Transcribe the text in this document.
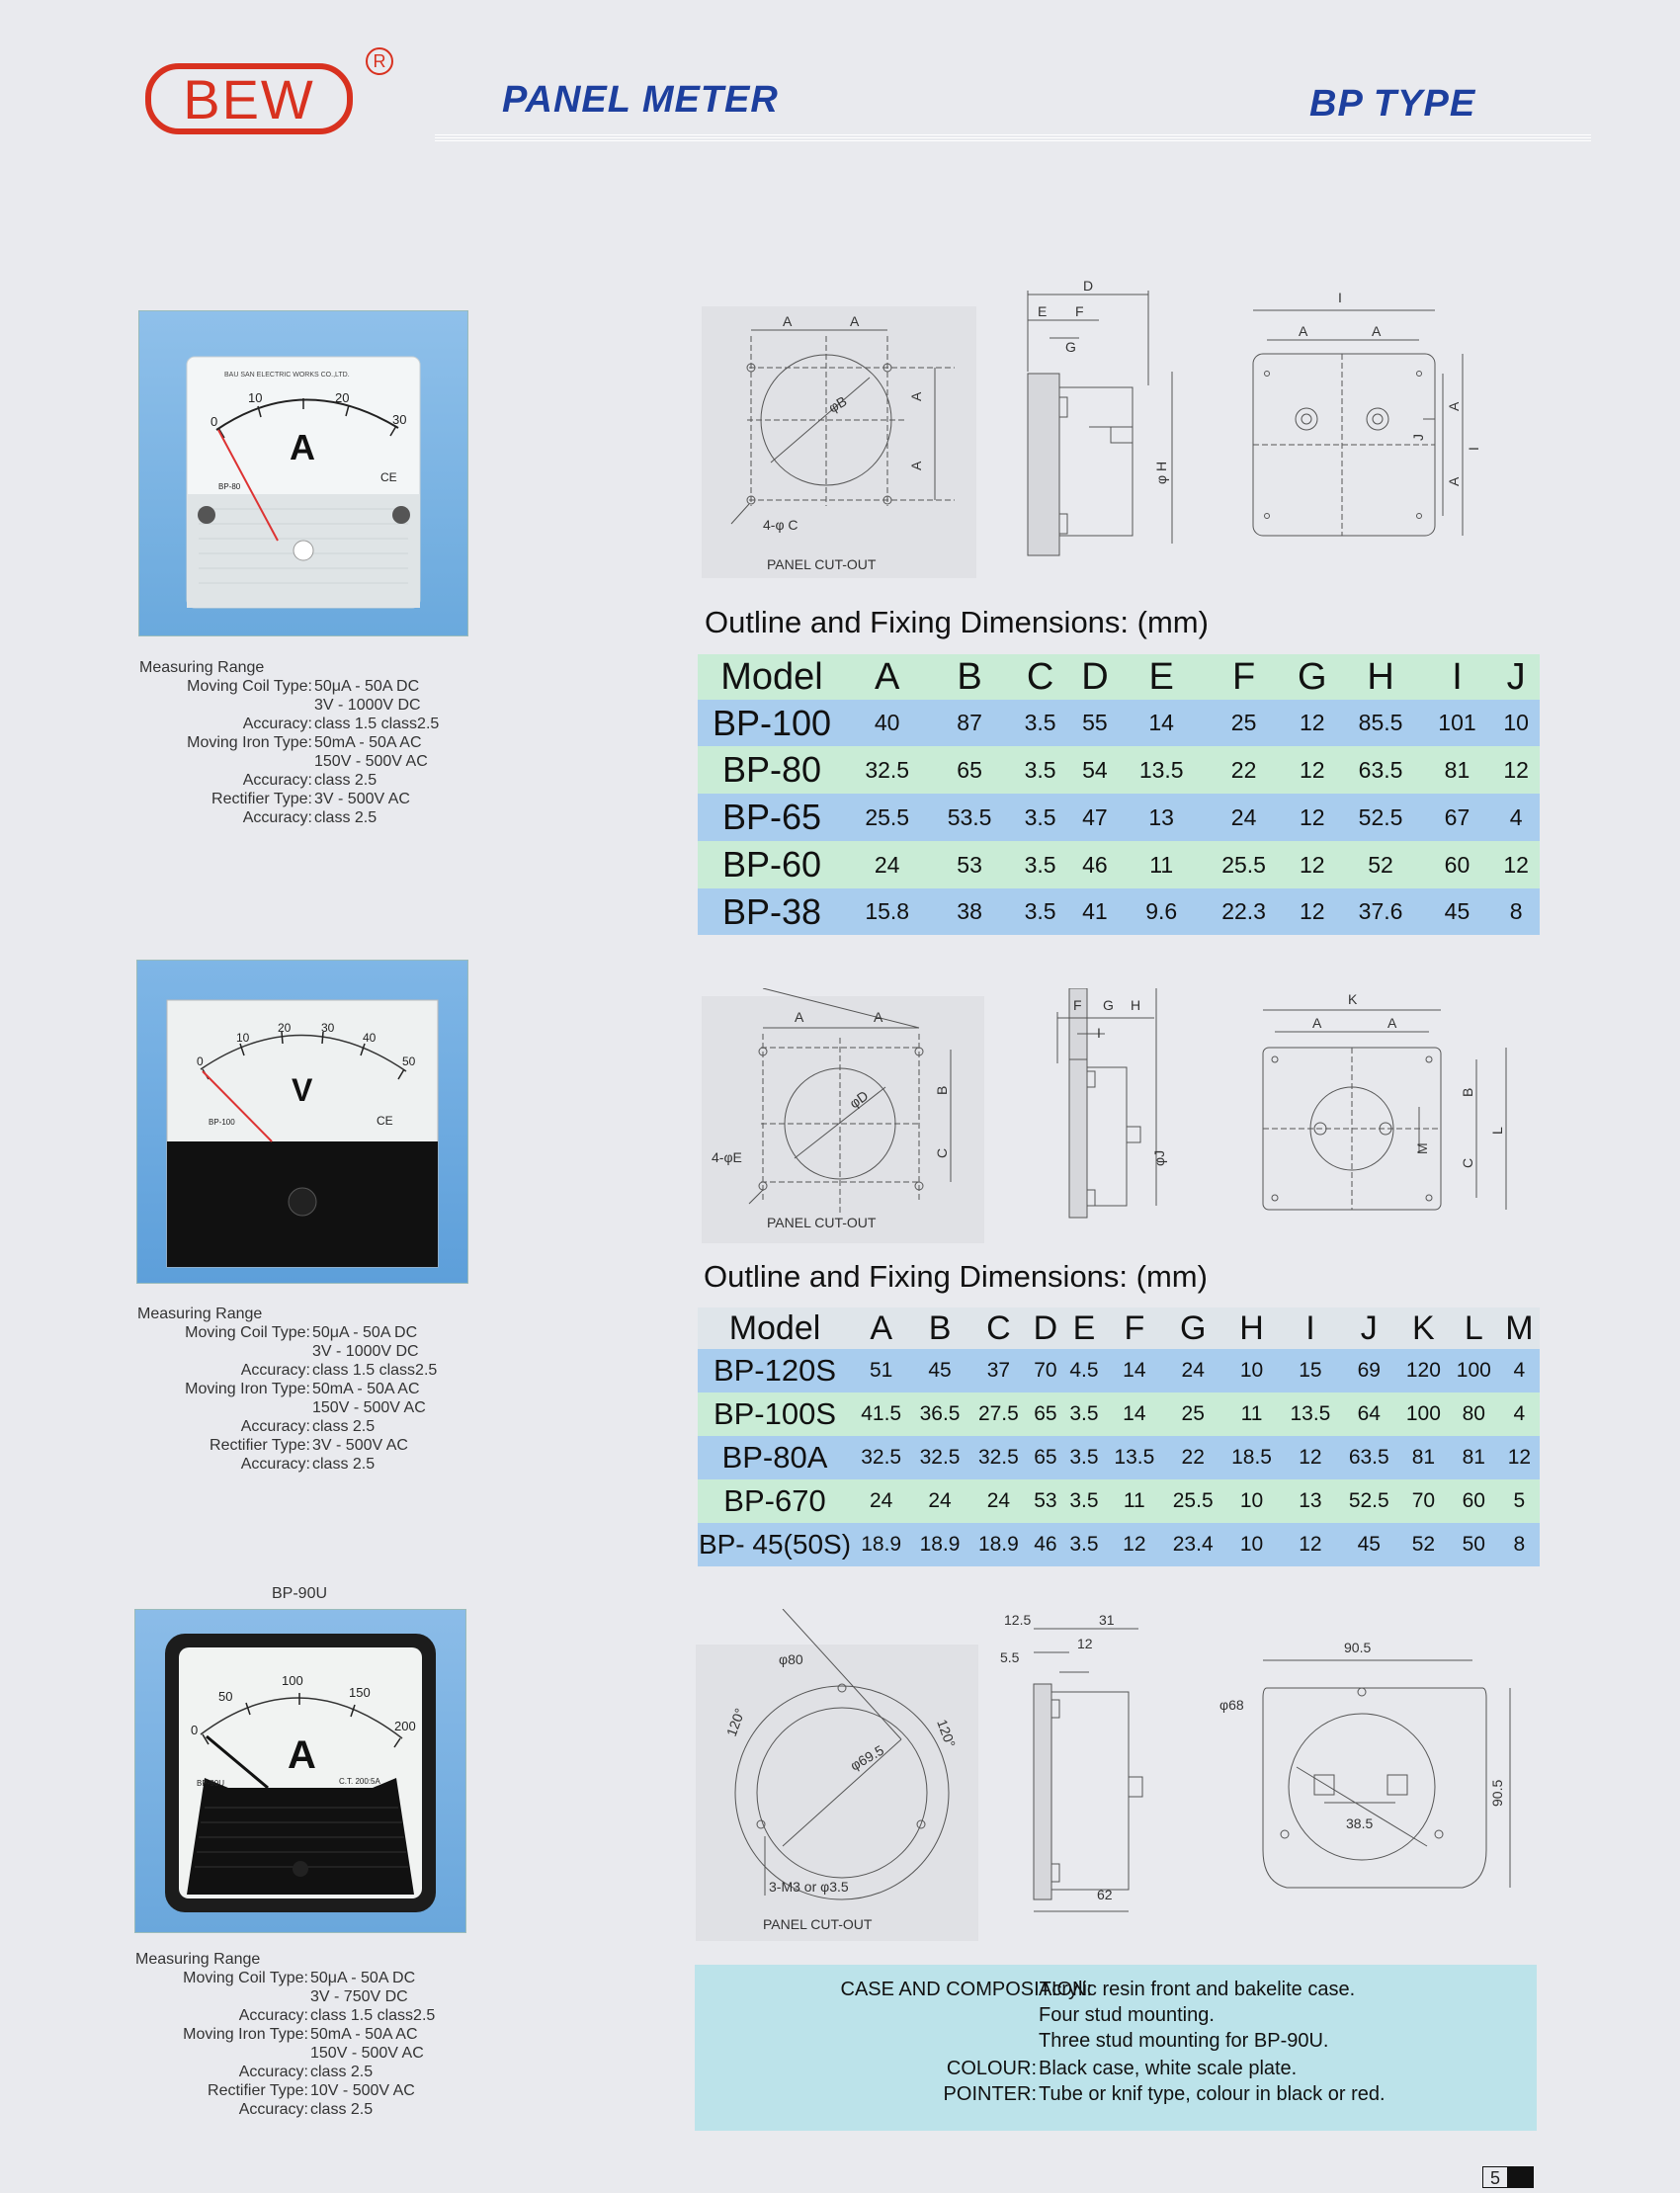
BEW
R
PANEL METER	BP TYPE
10
0
20
30
BAU SAN ELECTRIC WORKS CO.,LTD.
A
CE
BP-80
Measuring Range
Moving Coil Type: 50μA - 50A DC
3V - 1000V DC
Accuracy: class 1.5 class2.5
Moving Iron Type: 50mA - 50A AC
150V - 500V AC
Accuracy: class 2.5
Rectifier Type: 3V - 500V AC
Accuracy: class 2.5
0
10
20	30
40
50
V
CE
BP-100
Measuring Range
Moving Coil Type: 50μA - 50A DC
3V - 1000V DC
Accuracy: class 1.5 class2.5
Moving Iron Type: 50mA - 50A AC
150V - 500V AC
Accuracy: class 2.5
Rectifier Type: 3V - 500V AC
Accuracy: class 2.5
BP-90U
0
50
100
150
200
A
C.T. 200:5A
BP-90U
Measuring Range
Moving Coil Type: 50μA - 50A DC
3V - 750V DC
Accuracy: class 1.5 class2.5
Moving Iron Type: 50mA - 50A AC
150V - 500V AC
Accuracy: class 2.5
Rectifier Type: 10V - 500V AC
Accuracy: class 2.5
A	A
φB	A
A
4-φ C
PANEL CUT-OUT
D
E F
G
φ H
I
A	A
A
A
J
I
Outline and Fixing Dimensions: (mm)
Model	A	B	C	D	E	F	G	H	I	J
BP-100	40	87	3.5	55	14	25	12	85.5	101	10
BP-80	32.5	65	3.5	54	13.5	22	12	63.5	81	12
BP-65	25.5	53.5	3.5	47	13	24	12	52.5	67	4
BP-60	24	53	3.5	46	11	25.5	12	52	60	12
BP-38	15.8	38	3.5	41	9.6	22.3	12	37.6	45	8
A	A
φD	B
C
4-φE
PANEL CUT-OUT
F G H
I
φJ
K
A	A
B
C
L
M
Outline and Fixing Dimensions: (mm)
Model	A	B	C	D	E	F	G	H	I	J	K	L	M
BP-120S	51	45	37	70	4.5	14	24	10	15	69	120	100	4
BP-100S	41.5	36.5	27.5	65	3.5	14	25	11	13.5	64	100	80	4
BP-80A	32.5	32.5	32.5	65	3.5	13.5	22	18.5	12	63.5	81	81	12
BP-670	24	24	24	53	3.5	11	25.5	10	13	52.5	70	60	5
BP- 45(50S)	18.9	18.9	18.9	46	3.5	12	23.4	10	12	45	52	50	8
φ80
φ69.5
120°	120°
3-M3 or φ3.5
PANEL CUT-OUT
12.5	31
12
5.5
62
90.5
φ68
38.5
90.5
CASE AND COMPOSITION:
Acrylic resin front and bakelite case.
Four stud mounting.
Three stud mounting for BP-90U.
COLOUR: Black case, white scale plate.
POINTER: Tube or knif type, colour in black or red.
5
